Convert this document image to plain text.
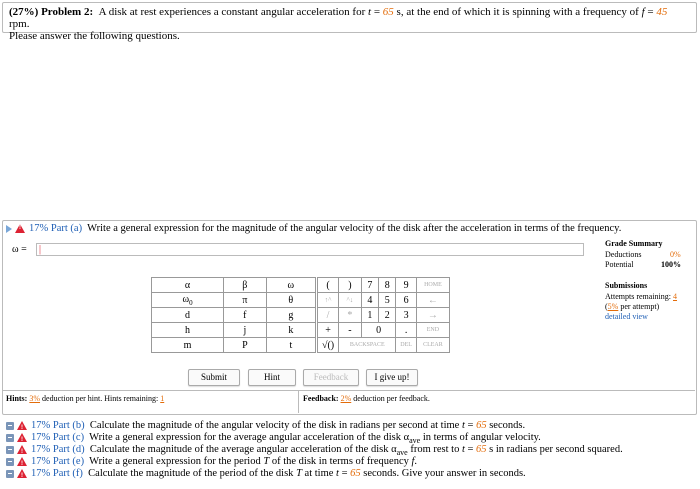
(27%) Problem 2: A disk at rest experiences a constant angular acceleration for t = 65 s, at the end of which it is spinning with a frequency of f = 45 rpm.
Please answer the following questions.
!17% Part (a) Write a general expression for the magnitude of the angular velocity of the disk after the acceleration in terms of the frequency.
ω =	|
Grade Summary
Deductions	0%
Potential	100%
Submissions
Attempts remaining: 4
(5% per attempt)
detailed view
α	β	ω
$\omega_0$	π	θ
d	f	g
h	j	k
m	P	t
(	)	7	8	9	HOME
↑^	^↓	4	5	6	←
/	*	1	2	3	→
+	-	0		.	END
√()	BACKSPACE			DEL	CLEAR
Submit	Hint	Feedback	I give up!
Hints: 3% deduction per hint. Hints remaining: 1	Feedback: 2% deduction per feedback.
!17% Part (b) Calculate the magnitude of the angular velocity of the disk in radians per second at time t = 65 seconds.
!17% Part (c) Write a general expression for the average angular acceleration of the disk $\alpha_{ave}$ in terms of angular velocity.
!17% Part (d) Calculate the magnitude of the average angular acceleration of the disk $\alpha_{ave}$ from rest to t = 65 s in radians per second squared.
!17% Part (e) Write a general expression for the period T of the disk in terms of frequency f.
!17% Part (f) Calculate the magnitude of the period of the disk T at time t = 65 seconds. Give your answer in seconds.
